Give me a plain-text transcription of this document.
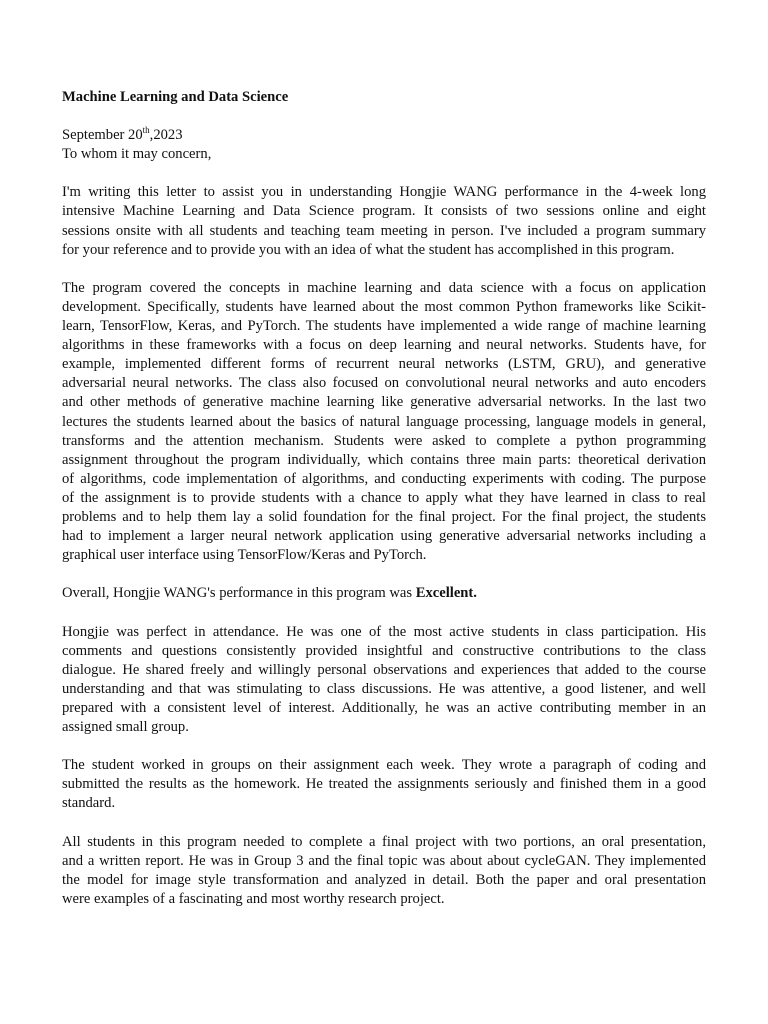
Machine Learning and Data Science
September 20th,2023
To whom it may concern,
I'm writing this letter to assist you in understanding Hongjie WANG performance in the 4-week long
intensive Machine Learning and Data Science program. It consists of two sessions online and eight
sessions onsite with all students and teaching team meeting in person. I've included a program summary
for your reference and to provide you with an idea of what the student has accomplished in this program.
The program covered the concepts in machine learning and data science with a focus on application
development. Specifically, students have learned about the most common Python frameworks like Scikit-
learn, TensorFlow, Keras, and PyTorch. The students have implemented a wide range of machine learning
algorithms in these frameworks with a focus on deep learning and neural networks. Students have, for
example, implemented different forms of recurrent neural networks (LSTM, GRU), and generative
adversarial neural networks. The class also focused on convolutional neural networks and auto encoders
and other methods of generative machine learning like generative adversarial networks. In the last two
lectures the students learned about the basics of natural language processing, language models in general,
transforms and the attention mechanism. Students were asked to complete a python programming
assignment throughout the program individually, which contains three main parts: theoretical derivation
of algorithms, code implementation of algorithms, and conducting experiments with coding. The purpose
of the assignment is to provide students with a chance to apply what they have learned in class to real
problems and to help them lay a solid foundation for the final project. For the final project, the students
had to implement a larger neural network application using generative adversarial networks including a
graphical user interface using TensorFlow/Keras and PyTorch.
Overall, Hongjie WANG's performance in this program was Excellent.
Hongjie was perfect in attendance. He was one of the most active students in class participation. His
comments and questions consistently provided insightful and constructive contributions to the class
dialogue. He shared freely and willingly personal observations and experiences that added to the course
understanding and that was stimulating to class discussions. He was attentive, a good listener, and well
prepared with a consistent level of interest. Additionally, he was an active contributing member in an
assigned small group.
The student worked in groups on their assignment each week. They wrote a paragraph of coding and
submitted the results as the homework. He treated the assignments seriously and finished them in a good
standard.
All students in this program needed to complete a final project with two portions, an oral presentation,
and a written report. He was in Group 3 and the final topic was about about cycleGAN. They implemented
the model for image style transformation and analyzed in detail. Both the paper and oral presentation
were examples of a fascinating and most worthy research project.
